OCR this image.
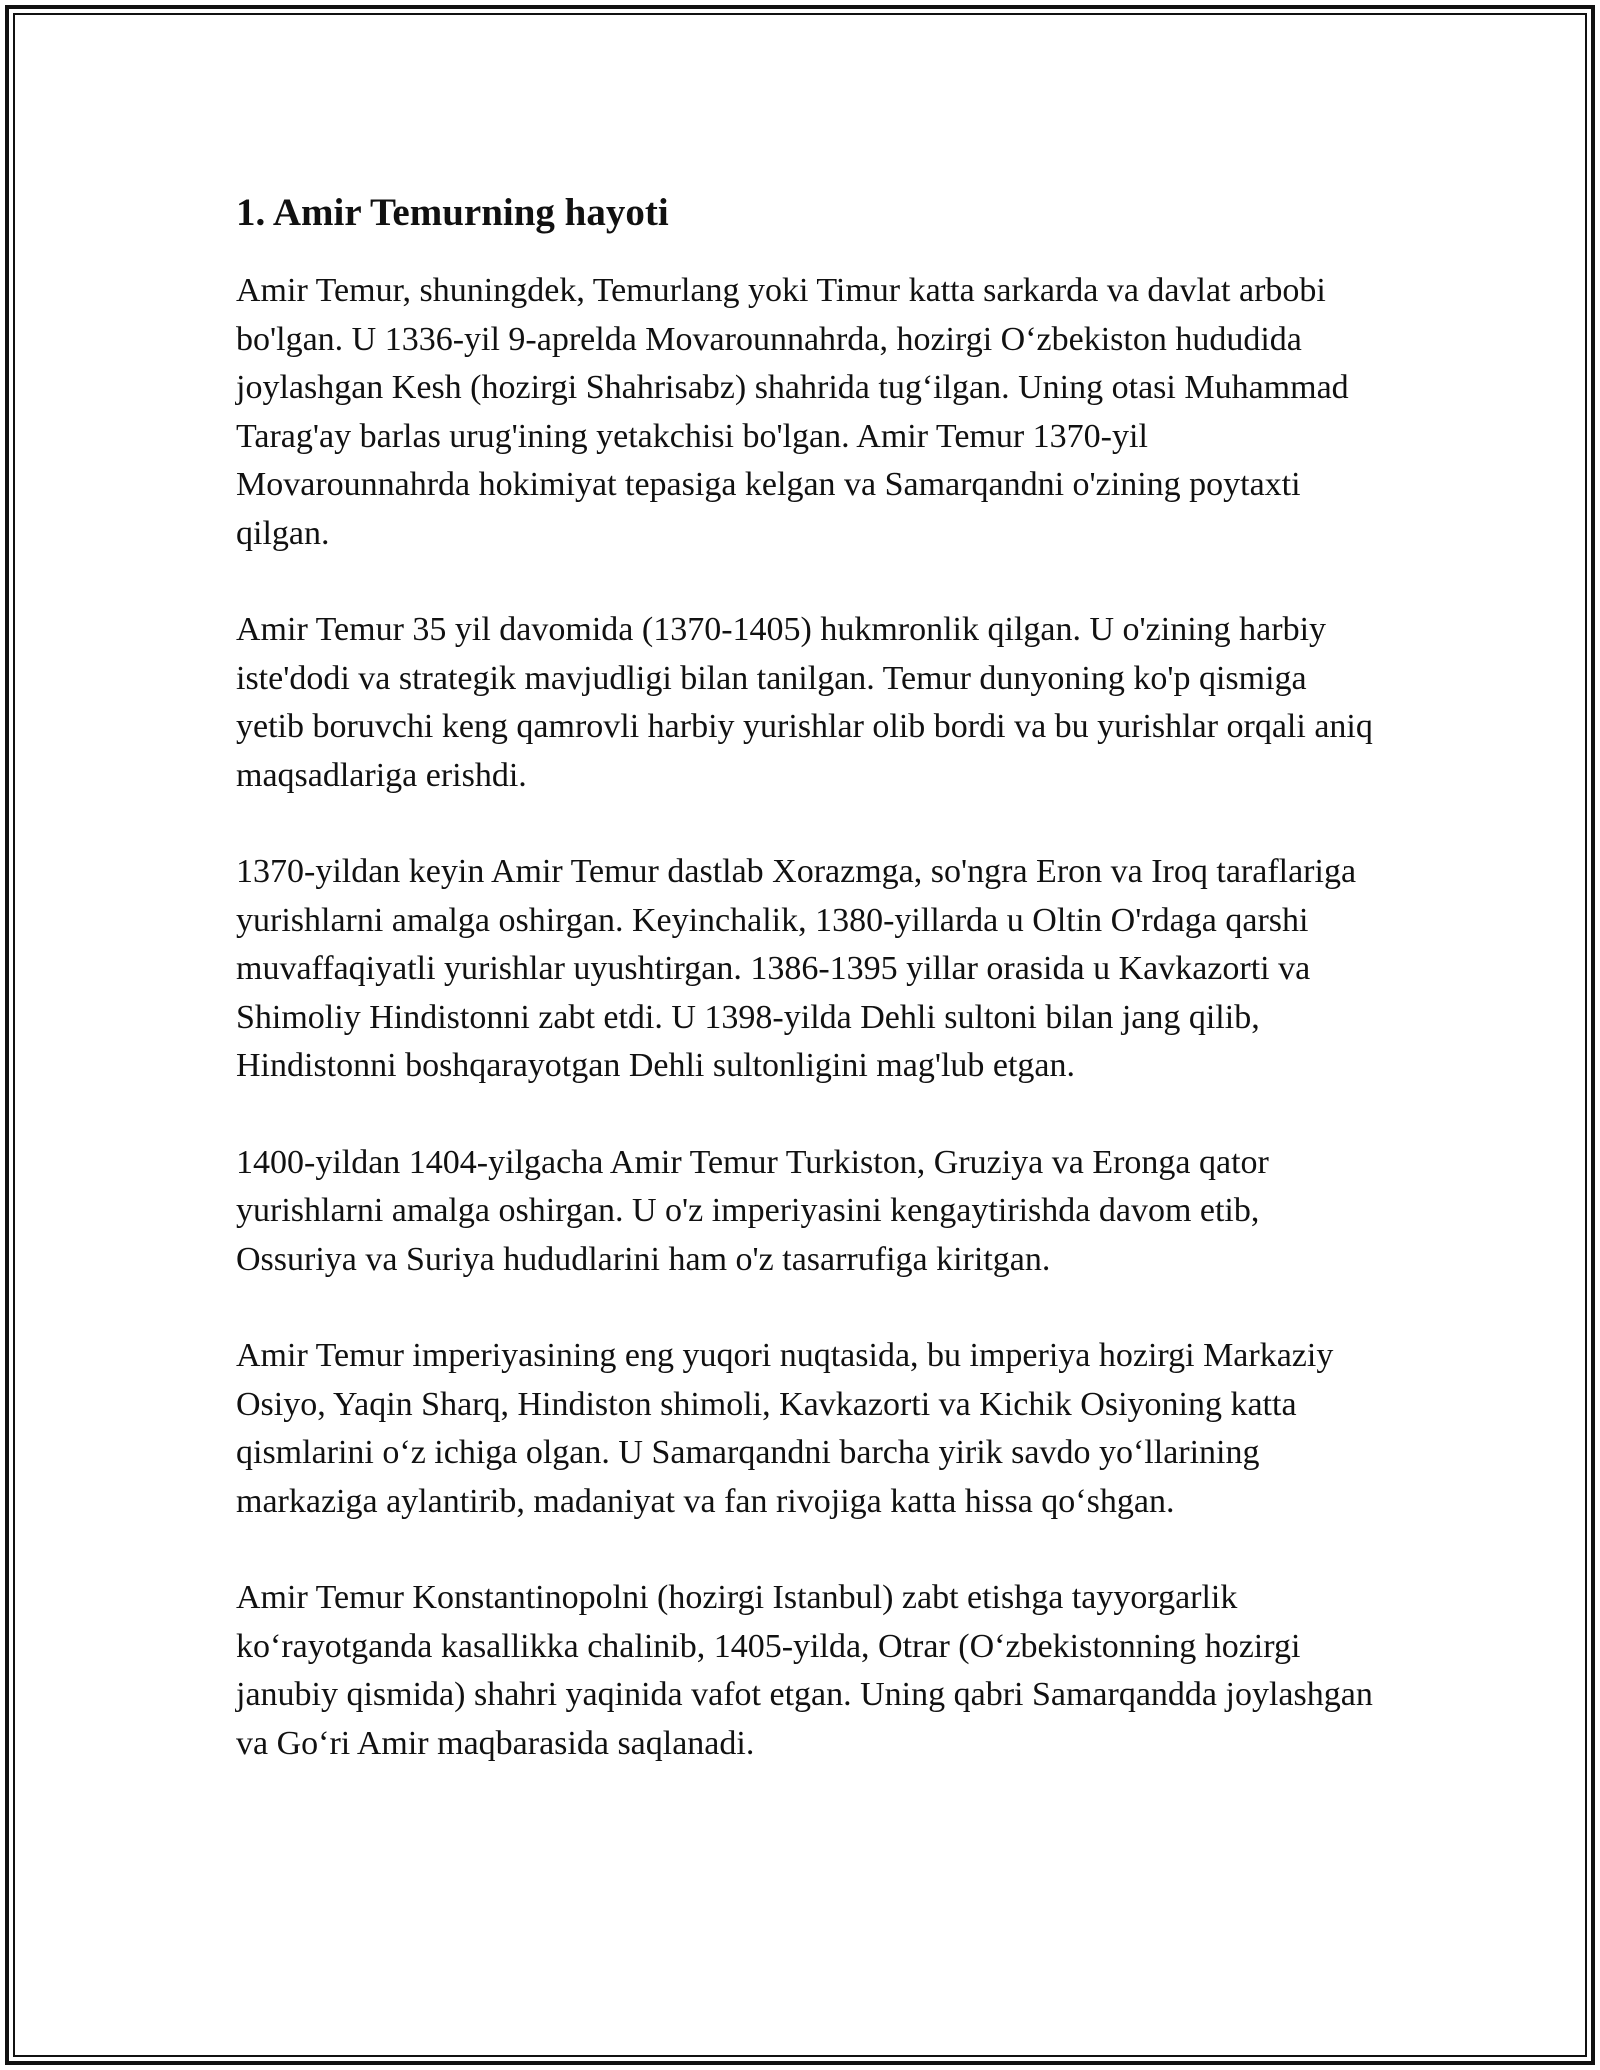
1. Amir Temurning hayoti

Amir Temur, shuningdek, Temurlang yoki Timur katta sarkarda va davlat arbobi bo'lgan. U 1336-yil 9-aprelda Movarounnahrda, hozirgi O‘zbekiston hududida joylashgan Kesh (hozirgi Shahrisabz) shahrida tug‘ilgan. Uning otasi Muhammad Tarag'ay barlas urug'ining yetakchisi bo'lgan. Amir Temur 1370-yil Movarounnahrda hokimiyat tepasiga kelgan va Samarqandni o'zining poytaxti qilgan.

Amir Temur 35 yil davomida (1370-1405) hukmronlik qilgan. U o'zining harbiy iste'dodi va strategik mavjudligi bilan tanilgan. Temur dunyoning ko'p qismiga yetib boruvchi keng qamrovli harbiy yurishlar olib bordi va bu yurishlar orqali aniq maqsadlariga erishdi.

1370-yildan keyin Amir Temur dastlab Xorazmga, so'ngra Eron va Iroq taraflariga yurishlarni amalga oshirgan. Keyinchalik, 1380-yillarda u Oltin O'rdaga qarshi muvaffaqiyatli yurishlar uyushtirgan. 1386-1395 yillar orasida u Kavkazorti va Shimoliy Hindistonni zabt etdi. U 1398-yilda Dehli sultoni bilan jang qilib, Hindistonni boshqarayotgan Dehli sultonligini mag'lub etgan.

1400-yildan 1404-yilgacha Amir Temur Turkiston, Gruziya va Eronga qator yurishlarni amalga oshirgan. U o'z imperiyasini kengaytirishda davom etib, Ossuriya va Suriya hududlarini ham o'z tasarrufiga kiritgan.

Amir Temur imperiyasining eng yuqori nuqtasida, bu imperiya hozirgi Markaziy Osiyo, Yaqin Sharq, Hindiston shimoli, Kavkazorti va Kichik Osiyoning katta qismlarini o‘z ichiga olgan. U Samarqandni barcha yirik savdo yo‘llarining markaziga aylantirib, madaniyat va fan rivojiga katta hissa qo‘shgan.

Amir Temur Konstantinopolni (hozirgi Istanbul) zabt etishga tayyorgarlik ko‘rayotganda kasallikka chalinib, 1405-yilda, Otrar (O‘zbekistonning hozirgi janubiy qismida) shahri yaqinida vafot etgan. Uning qabri Samarqandda joylashgan va Go‘ri Amir maqbarasida saqlanadi.
